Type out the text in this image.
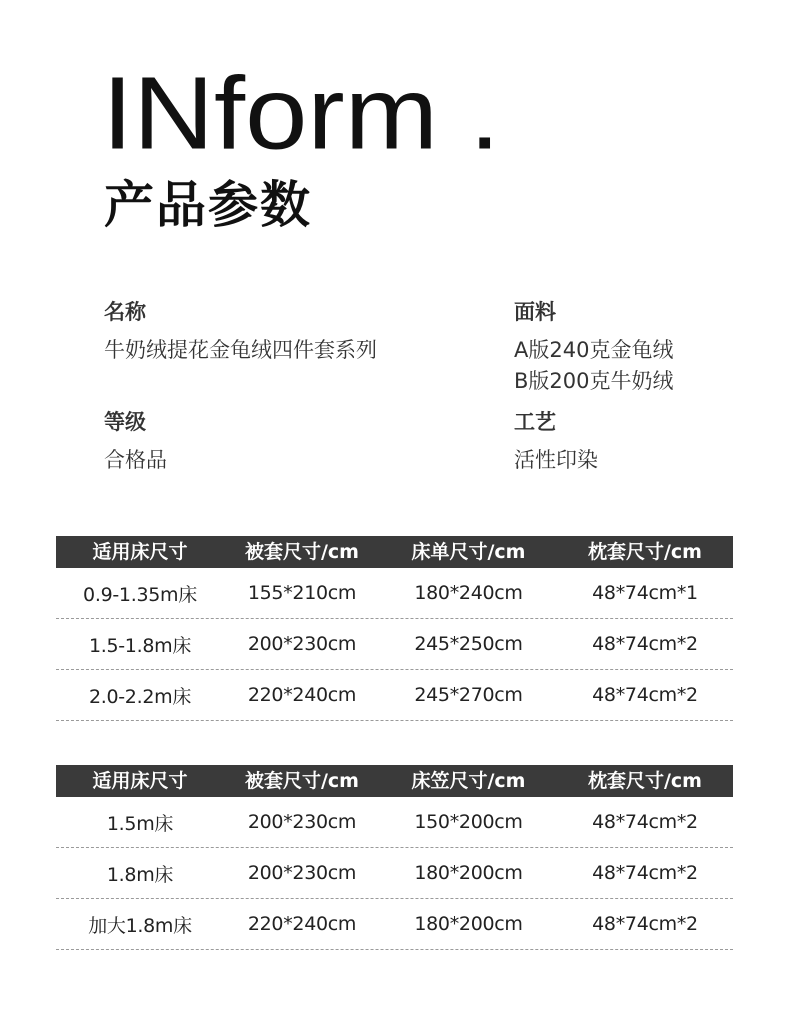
INform .
产品参数
名称
牛奶绒提花金龟绒四件套系列
面料
A版240克金龟绒
B版200克牛奶绒
等级
合格品
工艺
活性印染
适用床尺寸	被套尺寸/cm	床单尺寸/cm	枕套尺寸/cm
0.9-1.35m床	155*210cm	180*240cm	48*74cm*1
1.5-1.8m床	200*230cm	245*250cm	48*74cm*2
2.0-2.2m床	220*240cm	245*270cm	48*74cm*2
适用床尺寸	被套尺寸/cm	床笠尺寸/cm	枕套尺寸/cm
1.5m床	200*230cm	150*200cm	48*74cm*2
1.8m床	200*230cm	180*200cm	48*74cm*2
加大1.8m床	220*240cm	180*200cm	48*74cm*2
